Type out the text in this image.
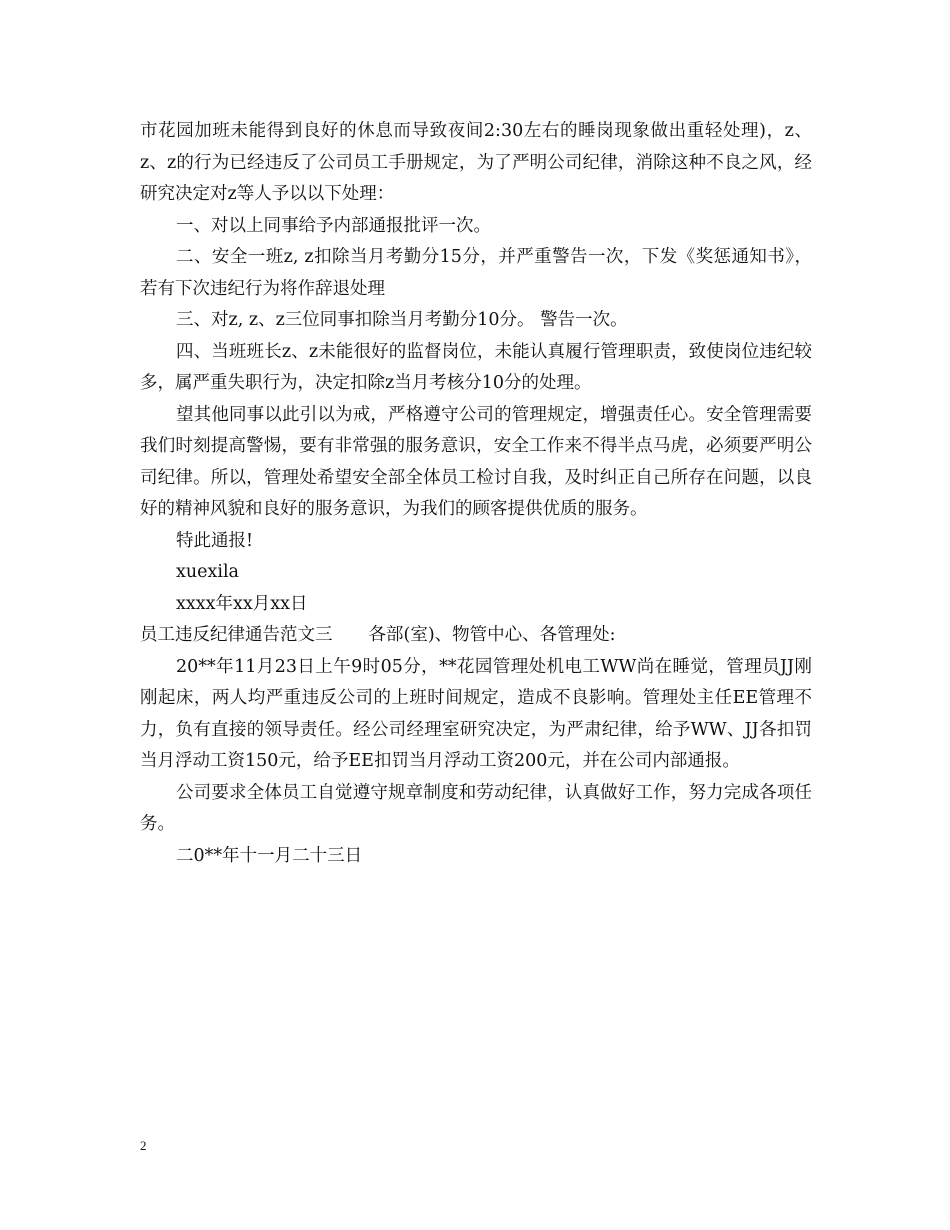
市花园加班未能得到良好的休息而导致夜间2:30左右的睡岗现象做出重轻处理)，z、z、z的行为已经违反了公司员工手册规定，为了严明公司纪律，消除这种不良之风，经研究决定对z等人予以以下处理：

一、对以上同事给予内部通报批评一次。

二、安全一班z, z扣除当月考勤分15分，并严重警告一次，下发《奖惩通知书》，若有下次违纪行为将作辞退处理

三、对z, z、z三位同事扣除当月考勤分10分。 警告一次。

四、当班班长z、z未能很好的监督岗位，未能认真履行管理职责，致使岗位违纪较多，属严重失职行为，决定扣除z当月考核分10分的处理。

望其他同事以此引以为戒，严格遵守公司的管理规定，增强责任心。安全管理需要我们时刻提高警惕，要有非常强的服务意识，安全工作来不得半点马虎，必须要严明公司纪律。所以，管理处希望安全部全体员工检讨自我，及时纠正自己所存在问题，以良好的精神风貌和良好的服务意识，为我们的顾客提供优质的服务。

特此通报!

xuexila

xxxx年xx月xx日

员工违反纪律通告范文三 各部(室)、物管中心、各管理处:

20**年11月23日上午9时05分，**花园管理处机电工WW尚在睡觉，管理员JJ刚刚起床，两人均严重违反公司的上班时间规定，造成不良影响。管理处主任EE管理不力，负有直接的领导责任。经公司经理室研究决定，为严肃纪律，给予WW、JJ各扣罚当月浮动工资150元，给予EE扣罚当月浮动工资200元，并在公司内部通报。

公司要求全体员工自觉遵守规章制度和劳动纪律，认真做好工作，努力完成各项任务。

二0**年十一月二十三日

2
